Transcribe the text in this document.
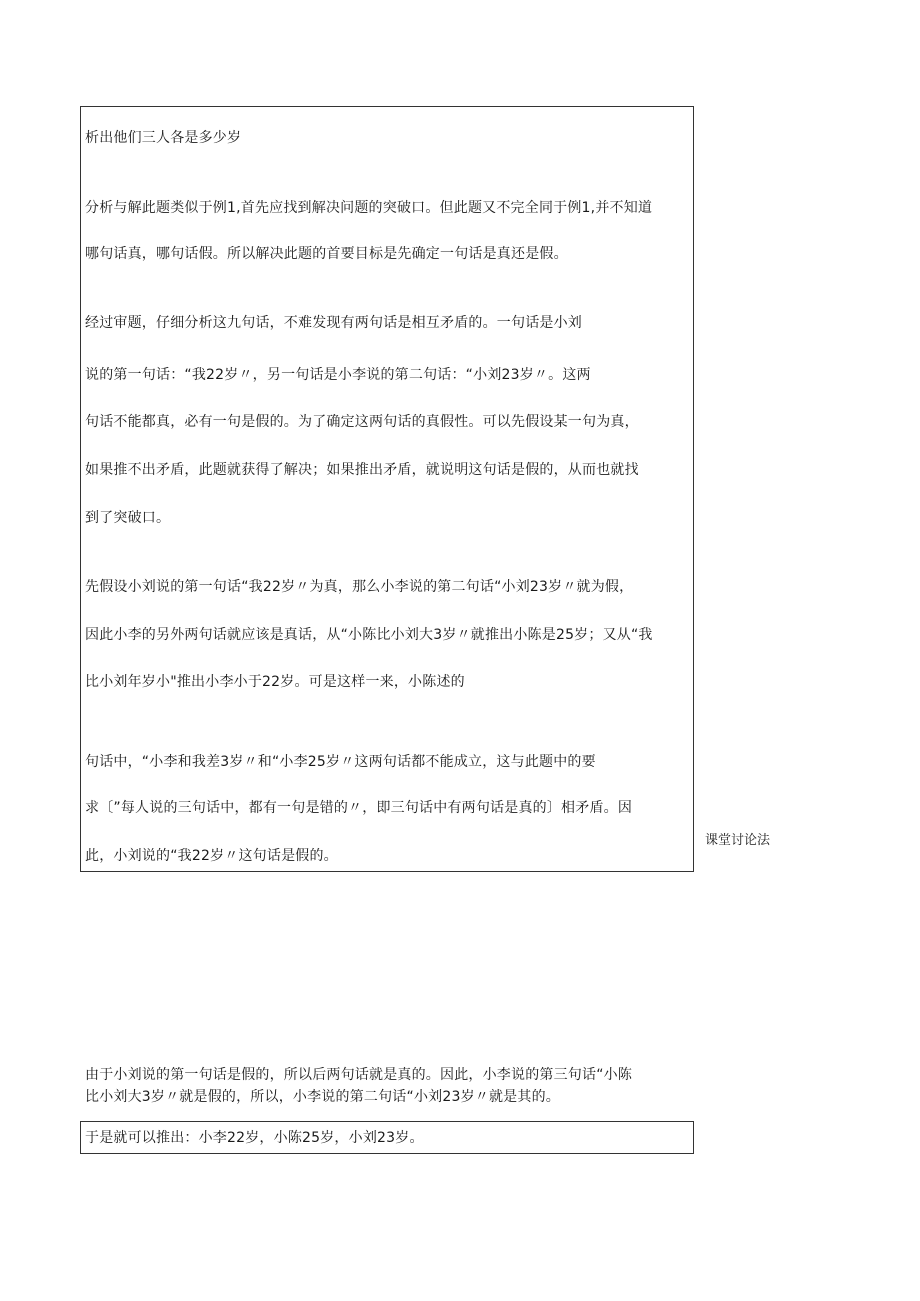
析出他们三人各是多少岁
分析与解此题类似于例1,首先应找到解决问题的突破口。但此题又不完全同于例1,并不知道
哪句话真，哪句话假。所以解决此题的首要目标是先确定一句话是真还是假。
经过审题，仔细分析这九句话，不难发现有两句话是相互矛盾的。一句话是小刘
说的第一句话：“我22岁〃，另一句话是小李说的第二句话：“小刘23岁〃。这两
句话不能都真，必有一句是假的。为了确定这两句话的真假性。可以先假设某一句为真，
如果推不出矛盾，此题就获得了解决；如果推出矛盾，就说明这句话是假的，从而也就找
到了突破口。
先假设小刘说的第一句话“我22岁〃为真，那么小李说的第二句话“小刘23岁〃就为假，
因此小李的另外两句话就应该是真话，从“小陈比小刘大3岁〃就推出小陈是25岁；又从“我
比小刘年岁小"推出小李小于22岁。可是这样一来，小陈述的
句话中，“小李和我差3岁〃和“小李25岁〃这两句话都不能成立，这与此题中的要
求〔”每人说的三句话中，都有一句是错的〃，即三句话中有两句话是真的〕相矛盾。因
此，小刘说的“我22岁〃这句话是假的。
课堂讨论法
由于小刘说的第一句话是假的，所以后两句话就是真的。因此，小李说的第三句话“小陈
比小刘大3岁〃就是假的，所以，小李说的第二句话“小刘23岁〃就是其的。
于是就可以推出：小李22岁，小陈25岁，小刘23岁。
